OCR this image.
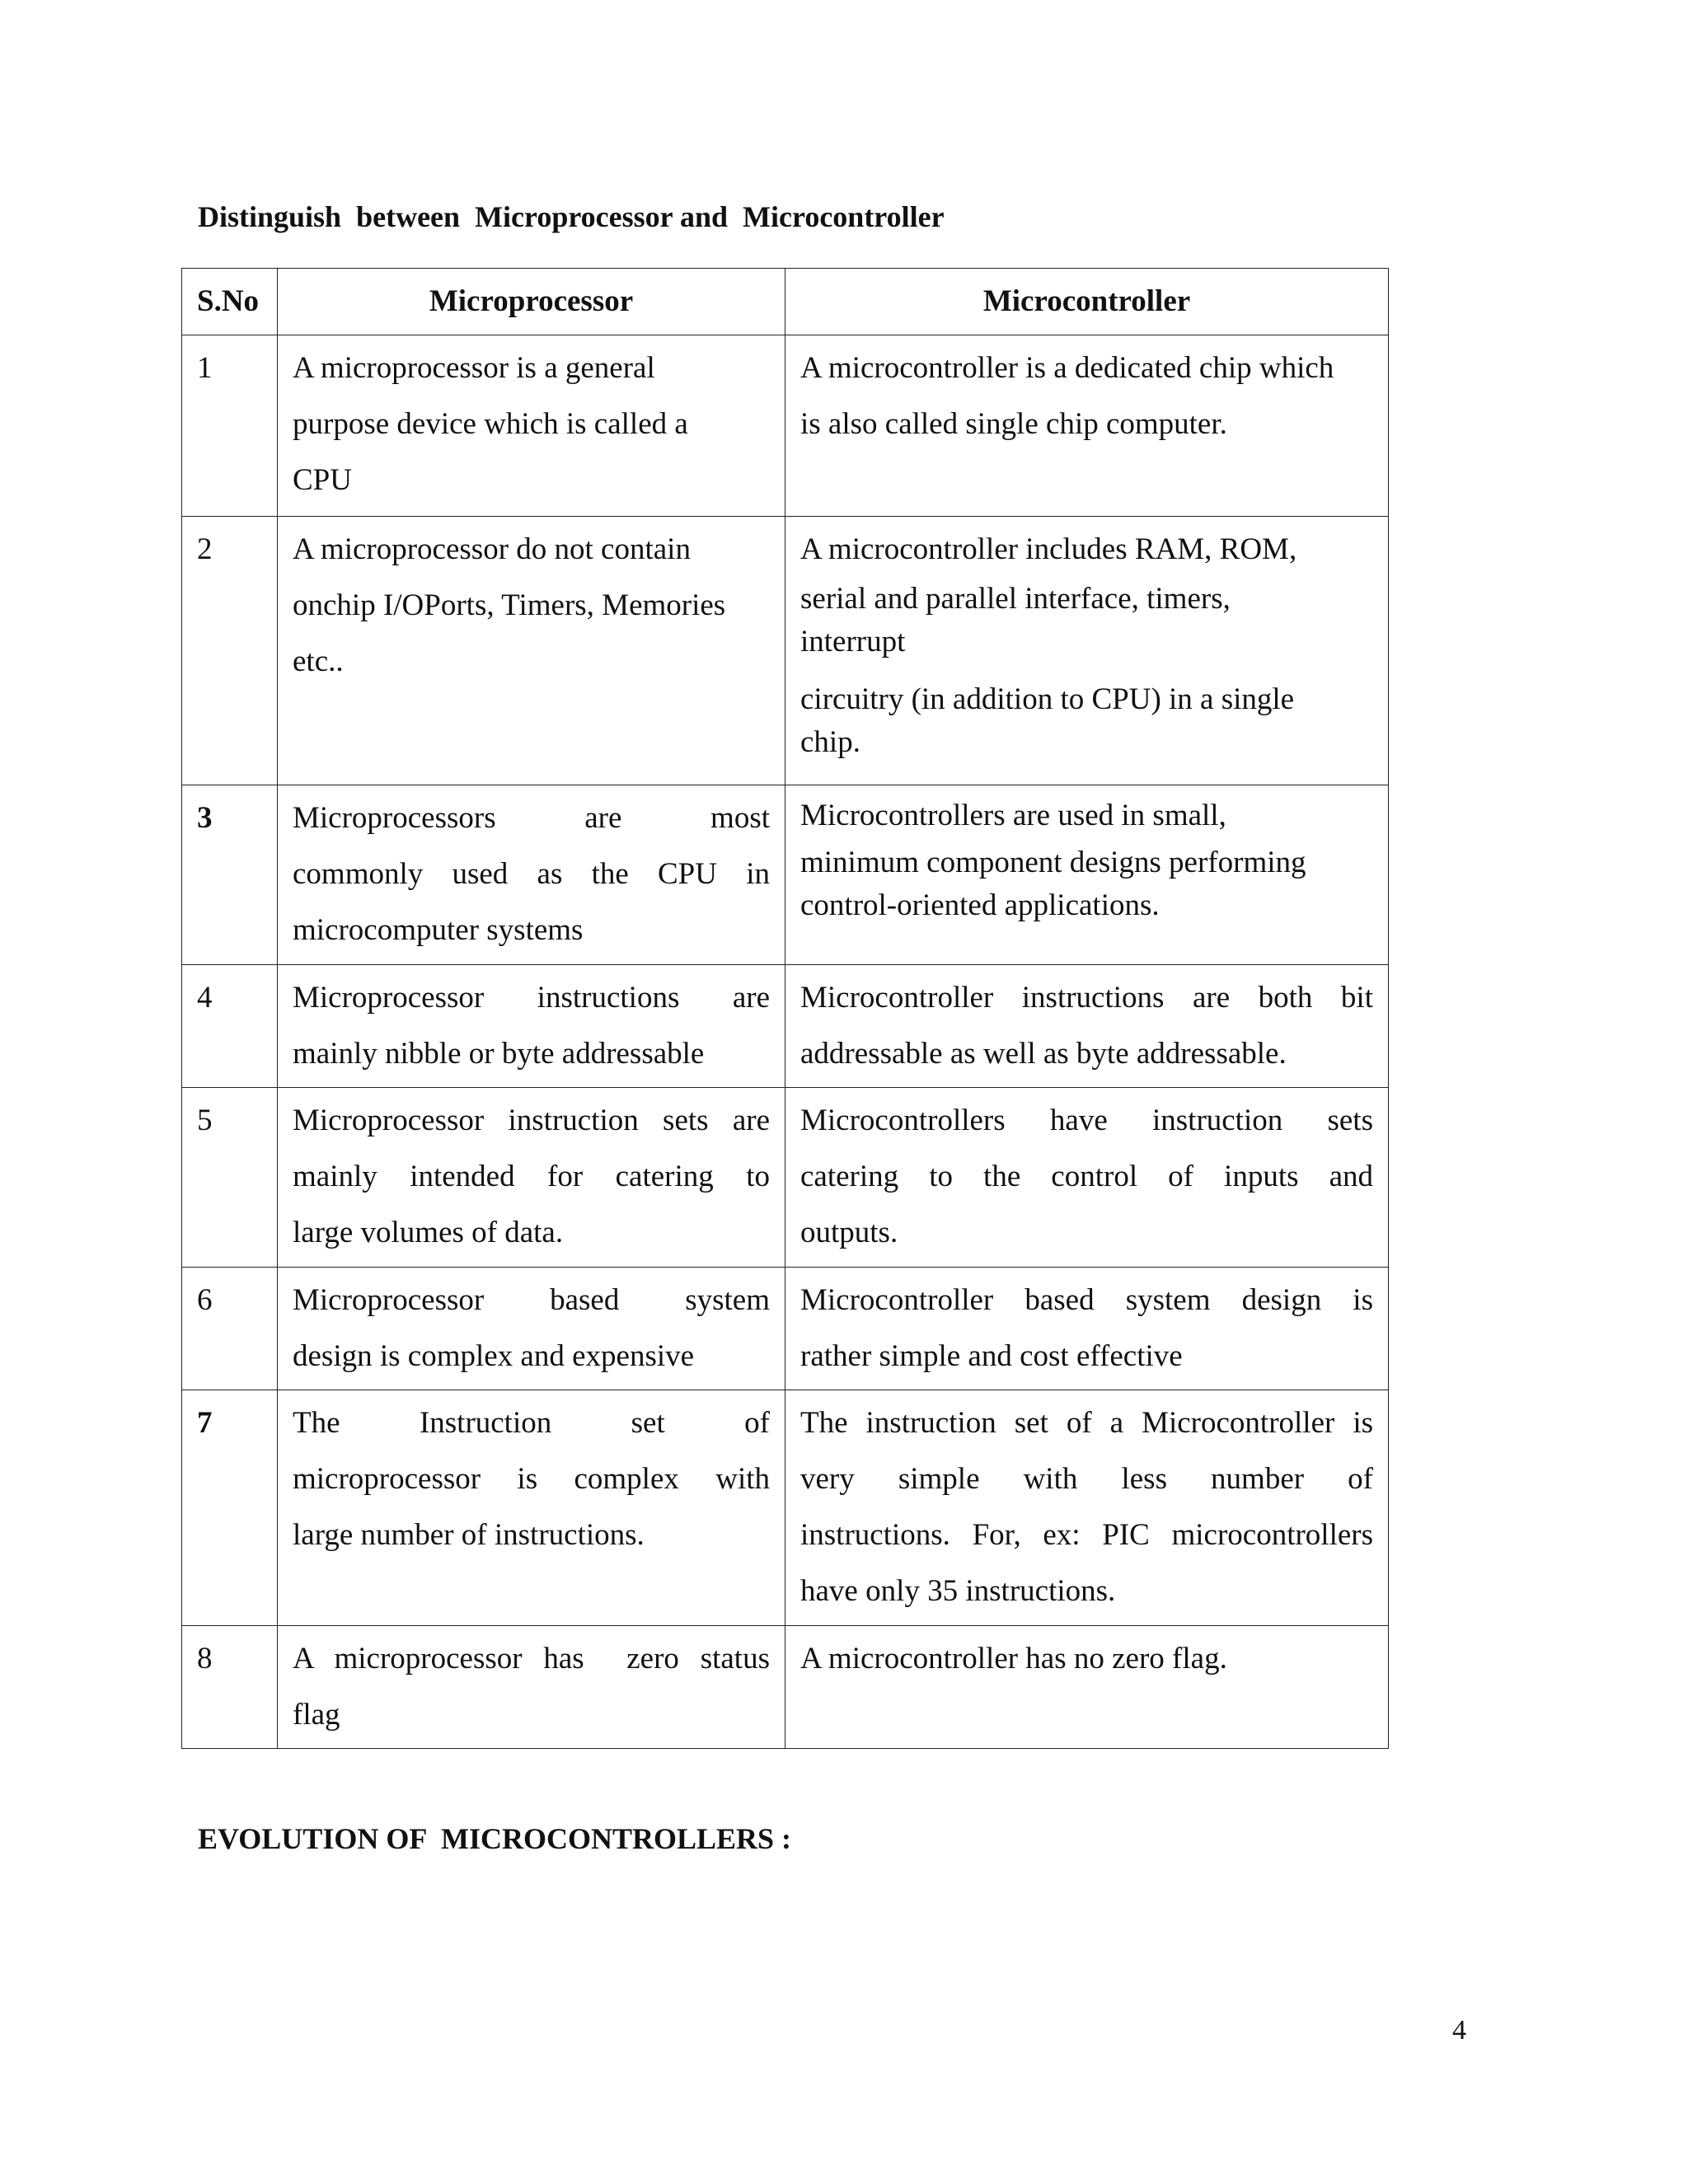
Distinguish  between  Microprocessor and  Microcontroller
S.No	Microprocessor	Microcontroller
1	A microprocessor is a general
purpose device which is called a
CPU	A microcontroller is a dedicated chip which
is also called single chip computer.

2	A microprocessor do not contain
onchip I/OPorts, Timers, Memories
etc..	A microcontroller includes RAM, ROM,
serial and parallel interface, timers,
interrupt
circuitry (in addition to CPU) in a single
chip.

3	Microprocessors are most
commonly used as the CPU in
microcomputer systems	Microcontrollers are used in small,
minimum component designs performing
control-oriented applications.

4	Microprocessor instructions are
mainly nibble or byte addressable	Microcontroller instructions are both bit
addressable as well as byte addressable.

5	Microprocessor instruction sets are
mainly intended for catering to
large volumes of data.	Microcontrollers have instruction sets
catering to the control of inputs and
outputs.

6	Microprocessor based system
design is complex and expensive	Microcontroller based system design is
rather simple and cost effective

7	The Instruction set of
microprocessor is complex with
large number of instructions.	The instruction set of a Microcontroller is
very simple with less number of
instructions. For, ex: PIC microcontrollers
have only 35 instructions.

8	A microprocessor has  zero status
flag	A microcontroller has no zero flag.
EVOLUTION OF  MICROCONTROLLERS :
4
